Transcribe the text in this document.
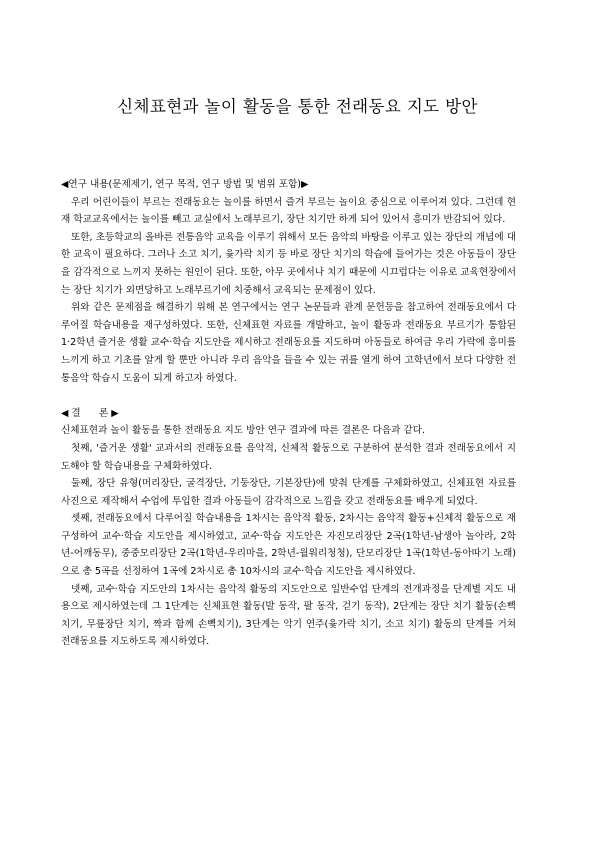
신체표현과 놀이 활동을 통한 전래동요 지도 방안

◀연구 내용(문제제기, 연구 목적, 연구 방법 및 범위 포함)▶

우리 어린이들이 부르는 전래동요는 놀이를 하면서 즐겨 부르는 놀이요 중심으로 이루어져 있다. 그런데 현재 학교교육에서는 놀이를 빼고 교실에서 노래부르기, 장단 치기만 하게 되어 있어서 흥미가 반감되어 있다.

또한, 초등학교의 올바른 전통음악 교육을 이루기 위해서 모든 음악의 바탕을 이루고 있는 장단의 개념에 대한 교육이 필요하다. 그러나 소고 치기, 윷가락 치기 등 바로 장단 치기의 학습에 들어가는 것은 아동들이 장단을 감각적으로 느끼지 못하는 원인이 된다. 또한, 아무 곳에서나 치기 때문에 시끄럽다는 이유로 교육현장에서는 장단 치기가 외면당하고 노래부르기에 치중해서 교육되는 문제점이 있다.

위와 같은 문제점을 해결하기 위해 본 연구에서는 연구 논문들과 관계 문헌등을 참고하여 전래동요에서 다루어질 학습내용을 재구성하였다. 또한, 신체표현 자료를 개발하고, 놀이 활동과 전래동요 부르기가 통합된 1·2학년 즐거운 생활 교수·학습 지도안을 제시하고 전래동요를 지도하며 아동들로 하여금 우리 가락에 흥미를 느끼게 하고 기초를 알게 할 뿐만 아니라 우리 음악을 들을 수 있는 귀를 열게 하여 고학년에서 보다 다양한 전통음악 학습시 도움이 되게 하고자 하였다.

◀ 결      론 ▶

신체표현과 놀이 활동을 통한 전래동요 지도 방안 연구 결과에 따른 결론은 다음과 같다.

첫째, '즐거운 생활' 교과서의 전래동요를 음악적, 신체적 활동으로 구분하여 분석한 결과 전래동요에서 지도해야 할 학습내용을 구체화하였다.

둘째, 장단 유형(머리장단, 굴격장단, 기둥장단, 기본장단)에 맞춰 단계를 구체화하였고, 신체표현 자료를 사진으로 제작해서 수업에 투입한 결과 아동들이 감각적으로 느낌을 갖고 전래동요를 배우게 되었다.

셋째, 전래동요에서 다루어질 학습내용을 1차시는 음악적 활동, 2차시는 음악적 활동+신체적 활동으로 재구성하여 교수·학습 지도안을 제시하였고, 교수·학습 지도안은 자진모리장단 2곡(1학년-남생아 놀아라, 2학년-어깨동무), 중중모리장단 2곡(1학년-우리마을, 2학년-월워리청청), 단모리장단 1곡(1학년-동아따기 노래)으로 총 5곡을 선정하여 1곡에 2차시로 총 10차시의 교수·학습 지도안을 제시하였다.

넷째, 교수·학습 지도안의 1차시는 음악적 활동의 지도안으로 일반수업 단계의 전개과정을 단계별 지도 내용으로 제시하였는데 그 1단계는 신체표현 활동(발 동작, 팔 동작, 걷기 동작), 2단계는 장단 치기 활동(손뼉치기, 무릎장단 치기, 짝과 함께 손뼉치기), 3단계는 악기 연주(윷가락 치기, 소고 치기) 활동의 단계를 거쳐 전래동요를 지도하도록 제시하였다.
